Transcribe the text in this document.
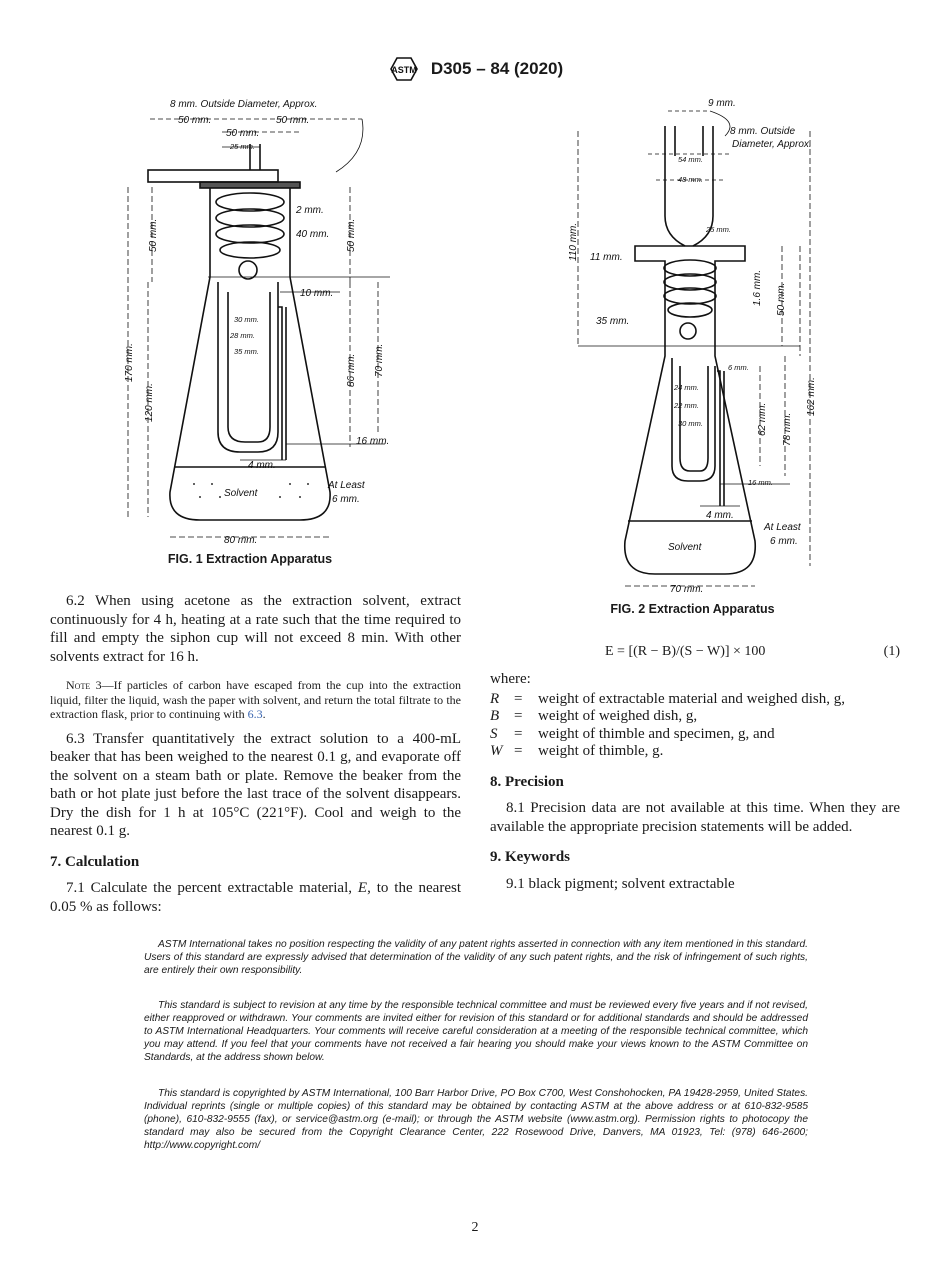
ASTM D305 – 84 (2020)
8 mm. Outside Diameter, Approx.
50 mm.	50 mm.
50 mm.
25 mm.
2 mm.
40 mm.
10 mm.
30 mm.
28 mm.
35 mm.
16 mm.
4 mm.
Solvent
At Least
6 mm.
80 mm.
170 mm.
120 mm.
50 mm.	50 mm.
86 mm. 70 mm.
FIG. 1 Extraction Apparatus
9 mm.
8 mm. Outside
Diameter, Approx.
54 mm.
48 mm.
25 mm.
11 mm.
35 mm.
6 mm.
24 mm.
22 mm.
30 mm.
16 mm.
4 mm.
At Least
6 mm.
Solvent
70 mm.
110 mm.
1.6 mm. 50 mm.
62 mm. 78 mm.
162 mm.
FIG. 2 Extraction Apparatus

6.2 When using acetone as the extraction solvent, extract continuously for 4 h, heating at a rate such that the time required to fill and empty the siphon cup will not exceed 8 min. With other solvents extract for 16 h.

Note 3—If particles of carbon have escaped from the cup into the extraction liquid, filter the liquid, wash the paper with solvent, and return the total filtrate to the extraction flask, prior to continuing with 6.3.

6.3 Transfer quantitatively the extract solution to a 400-mL beaker that has been weighed to the nearest 0.1 g, and evaporate off the solvent on a steam bath or plate. Remove the beaker from the bath or hot plate just before the last trace of the solvent disappears. Dry the dish for 1 h at 105°C (221°F). Cool and weigh to the nearest 0.1 g.

7. Calculation

7.1 Calculate the percent extractable material, E, to the nearest 0.05 % as follows:

E = [(R − B)/(S − W)] × 100	(1)

where:

R =	weight of extractable material and weighed dish, g,
B =	weight of weighed dish, g,
S	=	weight of thimble and specimen, g, and
W =	weight of thimble, g.

8. Precision

8.1 Precision data are not available at this time. When they are available the appropriate precision statements will be added.

9. Keywords

9.1 black pigment; solvent extractable

ASTM International takes no position respecting the validity of any patent rights asserted in connection with any item mentioned in this standard. Users of this standard are expressly advised that determination of the validity of any such patent rights, and the risk of infringement of such rights, are entirely their own responsibility.
This standard is subject to revision at any time by the responsible technical committee and must be reviewed every five years and if not revised, either reapproved or withdrawn. Your comments are invited either for revision of this standard or for additional standards and should be addressed to ASTM International Headquarters. Your comments will receive careful consideration at a meeting of the responsible technical committee, which you may attend. If you feel that your comments have not received a fair hearing you should make your views known to the ASTM Committee on Standards, at the address shown below.
This standard is copyrighted by ASTM International, 100 Barr Harbor Drive, PO Box C700, West Conshohocken, PA 19428-2959, United States. Individual reprints (single or multiple copies) of this standard may be obtained by contacting ASTM at the above address or at 610-832-9585 (phone), 610-832-9555 (fax), or service@astm.org (e-mail); or through the ASTM website (www.astm.org). Permission rights to photocopy the standard may also be secured from the Copyright Clearance Center, 222 Rosewood Drive, Danvers, MA 01923, Tel: (978) 646-2600; http://www.copyright.com/
2
